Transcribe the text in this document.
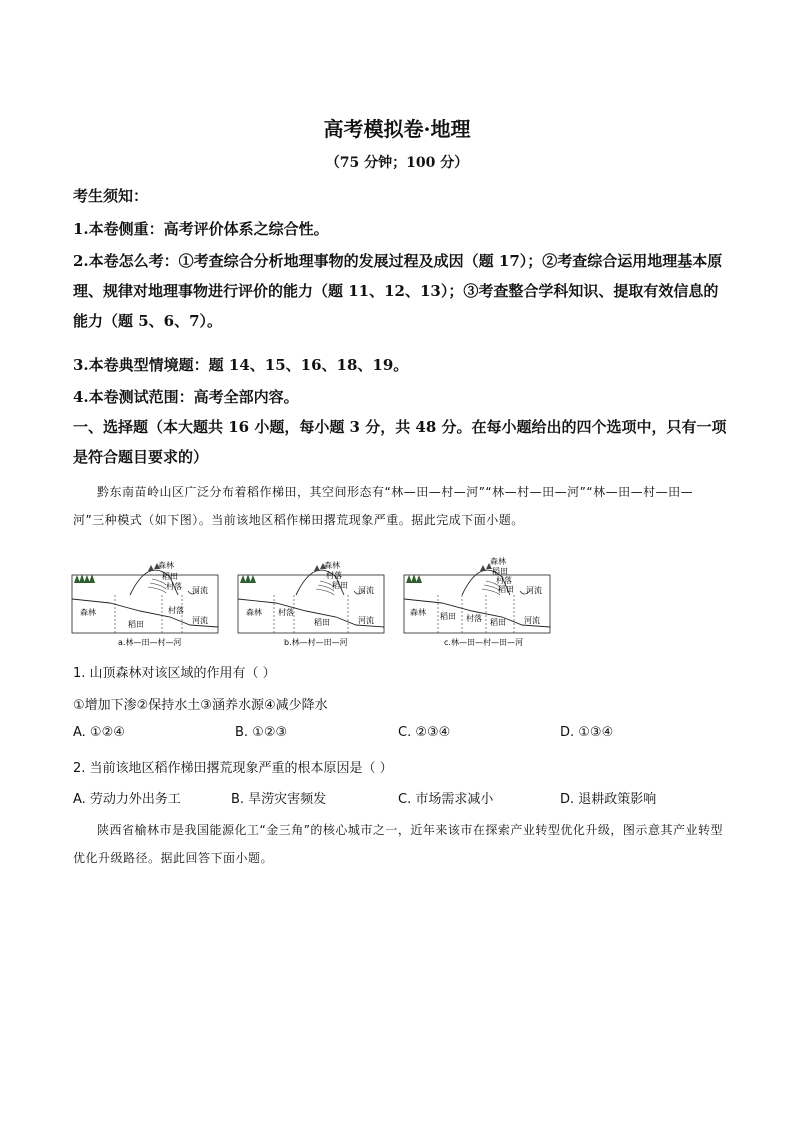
高考模拟卷·地理
（75 分钟；100 分）
考生须知：
1.本卷侧重：高考评价体系之综合性。
2.本卷怎么考：①考查综合分析地理事物的发展过程及成因（题 17）；②考查综合运用地理基本原理、规律对地理事物进行评价的能力（题 11、12、13）；③考查整合学科知识、提取有效信息的能力（题 5、6、7）。
3.本卷典型情境题：题 14、15、16、18、19。
4.本卷测试范围：高考全部内容。
一、选择题（本大题共 16 小题，每小题 3 分，共 48 分。在每小题给出的四个选项中，只有一项是符合题目要求的）
黔东南苗岭山区广泛分布着稻作梯田，其空间形态有“林—田—村—河”“林—村—田—河”“林—田—村—田—河”三种模式（如下图）。当前该地区稻作梯田撂荒现象严重。据此完成下面小题。
森林
稻田
村落 河流
森林
稻田
村落
河流
a.林—田—村—河
森林
村落
稻田
河流
森林 村落
稻田	河流
b.林—村—田—河
森林
稻田
村落
稻田 河流
森林 稻田 村落 稻田 河流
c.林—田—村—田—河
1. 山顶森林对该区域的作用有（ ）
①增加下渗②保持水土③涵养水源④减少降水
A. ①②④	B. ①②③	C. ②③④	D. ①③④
2. 当前该地区稻作梯田撂荒现象严重的根本原因是（ ）
A. 劳动力外出务工	B. 旱涝灾害频发	C. 市场需求减小	D. 退耕政策影响
陕西省榆林市是我国能源化工“金三角”的核心城市之一，近年来该市在探索产业转型优化升级，图示意其产业转型优化升级路径。据此回答下面小题。
